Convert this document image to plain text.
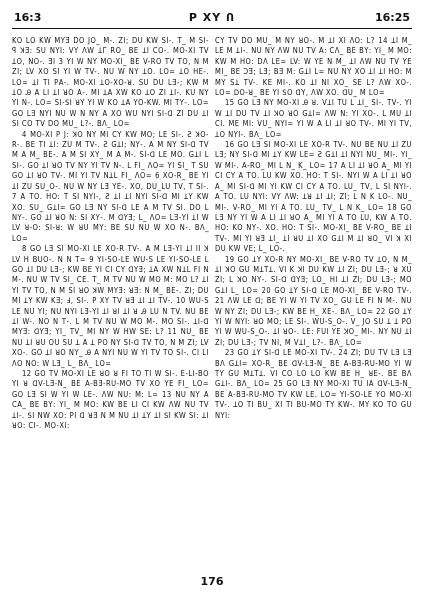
16:3	Ρ ΧΥ Ո	16:25

ΚΟ LΟ ΚW ΜΥƎ DΟ JΟ_ Μ-. ZΙ; DU ΚW SΙ-. Τ_ Μ SΙ- ꟼ ꓘƎ: SU ΝΥΙ: VΥ ΛW ꓕΓ RΟ_ ΒΕ ꓕΙ CΟ-. ΜΟ-ΧΙ ΤV ꓕΟ, ΝΟ-. ƎΙ 3 ΥΙ W ΝΥ ΜΟ-ΧΙ_ ΒΕ V-RΟ ΤV ΤΟ, Ν Μ ZΙ; LV ΧΟ SΙ ΥΙ W ΤV-. ΝU W ΝΥ ꓕΟ. LΟ= ꓕΟ ΗΕ-. LΟ= ꓕΙ ΤΙ ΡΑ-. ΜΟ-ΧΙ ꓕΟ-ΧΟ-ꓤ. SU DU LƎ-; ΚW Μ ꓕΟ Ꭿ Α LΙ ꓕΙ ꓤΟ Α-. ΜΙ ꓕΑ ΧW ΚΟ ꓕΟ ZΙ ꓕΙ-. ΚU ΝΥ ΥΙ Ν-. LΟ= SΙ-ꓢΙ ꓤΥ ΥΙ W ΚΟ ꓕΑ ΥΟ-ΚW. ΜΙ ΤΥ-. LΟ= GΟ LƎ ΝΥΙ ΝU W Ν ΝΥ Α ΧΟ WU ΝΥΙ SΙ-ꓷ ZΙ DU ꓕΙ SΙ CΟ ΤV DΟ ΜU_ L?-. ΒΛ_ LΟ=

4 ΜΟ-ΧΙ Ρ J: ꓘΟ ΝΥ ΜΙ CΥ ΚW ΜΟ; LΕ SΙ-. Ƨ ꓘΟ-R-. ΒΕ ΤΙ ꓕΙ: ZU Μ ΤV-. Ƨ GꓕΙ; ΝΥ-. Α Μ ΝΥ SΙ-ꓷ ΤV Μ Α Μ_ ΒΕ-. Α Μ SΙ ΧΥ_ Μ Α Μ-. SΙ-ꓷ LΕ ΜΟ. GꓕΙ L SΙ-. GΟ ꓕΙ ꓤΟ ΤV ΝΥ ΥΙ ΤV Ν-. L FΙ_ ΛΟ= ΥΙ SΙ_ Τ SU GΟ ꓕΙ ꓤΟ ΤV-. ΜΙ ΥΙ ΤV ΝꓕL FΙ_ ΛΟ= 6 ΧΟ-R_ ΒΕ ΥΙ ꓕΙ ZU SU_Ο-. ΝU W ΝΥ LƎ ΥΕ-. ΧΟ, DU_LU ΤV, Τ SΙ-. 7 Α ΤΟ. ΗΟ: Τ SΙ ΝΥΙ-, Ƨ ꓕΙ ꓕΙ ΝΥΙ SΙ-ꓷ ΜΙ ꓕΥ ΚW ΧΟ. SU_ GꓕΙ= GΟ LƎ ΝΥ SΙ-ꓷ LΕ Α Μ ΤV SΙ. DΟ L ΝΥ-. GΟ ꓕΙ ꓤΟ Ν: SΙ ΧΥ-. Μ ꓷΥƎ; L_ ΛΟ= LƎ-ΥΙ ꓕΙ W LV ꓤ-Ο: SΙ-ꓤ: W ꓤU ΜΥ: ΒΕ SU ΝU W ΧΟ Ν-. ΒΛ_ LΟ=

8 GΟ LƎ SΙ ΜΟ-ΧΙ LΕ ΧΟ-R ΤV-. Α Μ LƎ-ΥΙ ꓕΙ ΙΙ ꓘ LV Η ΒUΟ-. Ν Ν Τ= 9 ΥΙ-SΟ-LΕ WU-S LΕ ΥΙ-SΟ-LΕ L GΟ ꓕΙ DU LƎ-; ΚW ΒΕ ΥΙ CΙ CΥ ꓷΥƎ; ꓕΑ ΧW ΝꓕL FΙ Ν Μ-. ΝU W ΤV SΙ_ CΕ. Τ_ Μ ΤV ΝU W ΜΟ Μ: ΜΟ L? ꓕΙ ΥΙ ΤV ΤΟ, Ν Μ SΙ ꓤΟ ꓘW ΜΥƎ: ꓤƎ: Ν Μ_ ΒΕ-. ZΙ; DU ΜΙ ꓕΥ ΚW ΚƎ; Ⅎ, SΙ-. Ρ ΧΥ ΤV ꓤƎ ꓕΙ ꓕΙ ΤV-. 10 WU-S LΕ ΝU ΥΙ; ΝU ΝΥΙ LƎ-ΥΙ ꓕΙ ꓤΙ ꓕΙ ꓤ Ꭿ LU Ν ΤV. ΝU ΒΕ ꓕΙ W-. ΝΟ Ν Τ-. L Μ ΤV ΝU W ΜΟ Μ-. ΜΟ SΙ-. ꓕΙ-ꓷ ΜΥƎ: ꓷΥƎ; ΥΙ_ ΤV_ ΜΙ ΝΥ W ΗW SΕ: L? 11 ΝU_ ΒΕ ΝU ꓕΙ ꓤU ΟU SU ꓕ Α ꓕ ΡΟ ΝΥ SΙ-ꓷ ΤV ΤΟ, Ν Μ ZΙ; LV ΧΟ-. GΟ ꓕΙ ꓤΟ ΝΥ_ Ꭿ Α ΝΥΙ ΝU W ΥΙ ΤV ΤΟ SΙ-. CΙ LΙ ΛΟ ΝΟ: W LƎ_ L_ ΒΛ_ LΟ=

12 GΟ ΤV ΜΟ-ΧΙ LΕ ꓤΟ ꓤ FΙ ΤΟ ΤΙ W SΙ-. Ε-LΙ-ΒΟ ΥΙ ꓤ ꓷV-LƎ-Ν_ ΒΕ Α-ΒƎ-RU-ΜΟ ΤV ΧΟ ΥΕ FΙ_ LΟ= GΟ LƎ SΙ W ΥΙ W LΕ-. ΛW ΝU: Μ: L= 13 ΝU ΝΥ Α CΑ_ ΒΕ ΒΥ: ΥΙ_ Μ ΜΟ: ΚW ΒΕ LΙ CΙ ΚW ΛW ΝU ΤV ꓕΙ-. ꓢΙ ΝW ΧΟ: ΡΙ ꓷ ꓤƎ Ν Μ ΝU ꓕΙ ꓕΥ ꓕΙ ꓢΙ ΚW SΙ: ꓕΙ ꓤΟ: CΙ-. ΜΟ-ΧΙ:

CΥ ΤV DΟ ΜU_ Μ ΝΥ ꓤΟ-. Μ ꓕΙ ΧΙ ΛΟ: L? 14 ꓕΙ Μ_ LΕ Μ ꓕΙ-. ΝU ΝΥ ΛW ΝU ΤV Α: CΛ_ ΒΕ ΒΥ: ΥΙ_ Μ ΜΟ: ΚW Μ ΗΟ: DΛ LΕ= LV: W ΥΕ Ν Μ_ ꓕΙ ΛW ΝU ΤV ΥΕ ΜΙ_ ΒΕ ƆƎ; LƎ; ΒƎ Μ: GꓕΙ L= ΝU ΝΥ ΧΟ ꓕΙ ꓕΙ ΗΟ: Μ ΜΥ Sꓕ ΤV-. ΚΕ ΜΙ-. ΚΟ ꓕΙ ΝΙ ΧΟ_ SΕ L? ΛW ΧΟ-. LΟ= ꓓΟ-ꓤ_ ΒΕ ΥΙ ꓢΟ ꓷΥ, ΛW ΧΟ. ꓷU_ Μ LΟ=

15 GΟ LƎ ΝΥ ΜΟ-ΧΙ Ꭿ ꓤ. VꓕΙ ΤU L ꓕΙ_ SΙ-. ΤV-. ΥΙ W ꓕΙ DU ΤV ꓕΙ ꓘΟ ꓤΟ GꓕΙ= ΛW Ν: ΥΙ ΧΟ-. L ΜU ꓕΙ CΙ. ΜΕ ΜΙ: VU_ ΝΥΙ= ΥΙ W Α LΙ ꓕΙ ꓤΟ ΤV-. ΜΙ ΥΙ ΤV, ꓕΟ ΝΥΙ-. ΒΛ_ LΟ=

16 GΟ LƎ SΙ ΜΟ-ΧΙ LΕ ΧΟ-R ΤV-. ΝU ΒΕ ΝU ꓕΙ ZU LƎ; ΝΥ SΙ-ꓷ ΜΙ ꓕΥ ΚW LΕ= Ƨ GꓕΙ ꓕΙ ΝΥΙ ΝU_ ΜΙ-. ΥΙ_ W ΜΙ-. Α-RΟ_ ΜΙ L Ν_ Κ_ LΟ= 17 Α LΙ ꓕΙ ꓤΟ Α_ ΜΙ ΥΙ CΙ CΥ Α ΤΟ. LU ΚW ΧΟ. ΗΟ: Τ SΙ-. ΝΥΙ W Α LΙ ꓕΙ ꓤΟ Α_ ΜΙ SΙ-ꓷ ΜΙ ΥΙ ΚW CΙ CΥ Α ΤΟ. LU_ ΤV, L SΙ ΝΥΙ-. Α ΤΟ. LU ΝΥΙ: VΥ ΛW: ꓕꓤ ꓕΙ ꓕΙ; ZΙ; L Ν Κ LΟ-. ΝU_ ΜΙ-. V-RΟ_ ΜΙ ΥΙ Α ΤΟ. LU_ ΤV_ L Ν Κ_ LΟ= 18 GΟ LƎ ΝΥ ΥΙ W Α LΙ ꓕΙ ꓤΟ Α_ ΜΙ ΥΙ Α ΤΟ LU, ΚW Α ΤΟ. ΗΟ: ΚΟ ΝΥ-. ΧΟ. ΗΟ: Τ SΙ-. ΜΟ-ΧΙ_ ΒΕ V-RΟ_ ΒΕ ꓕΙ ΤV-. ΜΙ ΥΙ ꓤƎ ꓕΙ_ ꓕΙ ꓤU ꓕΙ ΧΟ GꓕΙ Μ ꓕΙ ꓤΟ_ VΙ ꓘ ΧΙ DU ΚW VΕ; L_ LΟ-.

19 GΟ ꓕΥ ΧΟ-R ΝΥ ΜΟ-ΧΙ_ ΒΕ V-RΟ ΤV ꓕΟ, Ν Μ_ ꓕΙ ꓘΟ GU ΜꓕΤꓕ. VΙ Κ ꓘΙ DU ΚW ꓕΙ ZΙ; DU LƎ-; ꓤ ΧU ZΙ; L ꓘΟ ΝΥ-. SΙ-ꓷ ꓷΥƎ; LΟ_ ΗΙ ꓕΙ ZΙ; DU LƎ-; ΜΟ GꓕΙ L_ LΟ= 20 GΟ ꓕΥ SΙ-ꓷ LΕ ΜΟ-ΧΙ_ ΒΕ V-RΟ ΤV-. 21 ΛW LΕ ꓷ; ΒΕ ΥΙ W ΥΙ ΤV ΧΟ_ GU LΕ FΙ Ν Μ-. ΝU W ΝΥ ZΙ; DU LƎ-; ΚW ΒΕ Η_ ΧΕ-. ΒΛ_ LΟ= 22 GΟ ꓕΥ ΥΙ W ΝΥΙ: ꓤΟ ΜΟ; LΕ SΙ-. WU-S_Ο-. V_ JΟ SU ꓕ ꓕ ΡΟ ΥΙ W WU-S_Ο-. ꓕΙ ꓤΟ-. LΕ: FUΙ ΥΕ ꓘΟ_ ΜΙ-. ΝΥ ΝU ꓕΙ ZΙ; DU LƎ-; ΤV ΝΙ, Μ VꓕΙ_ L?-. ΒΛ_ LΟ=

23 GΟ ꓕΥ SΙ-ꓷ LΕ ΜΟ-ΧΙ ΤV-. 24 ZΙ; DU ΤV LƎ LƎ ΒΛ GꓕΙ= ΧΟ-R_ ΒΕ ꓷV-LƎ-Ν_ ΒΕ Α-ΒƎ-RU-ΜΟ ΥΙ W ΤΥ GU ΜꓕΤꓕ. VΙ CΟ LΟ LΟ ΚW ΒΕ Η_ ꓤΕ-. ΒΕ ΒΛ GꓕΙ-. ΒΛ_ LΟ= 25 GΟ LƎ ΝΥ ΜΟ-ΧΙ ΤU ΙΑ ꓷV-LƎ-Ν_ ΒΕ Α-ΒƎ-RU-ΜΟ ΤV ΚW LΕ. LΟ= ΥΙ-SΟ-LΕ ΥΟ ΜΟ-ΧΙ ΤV-. ꓕΟ ΤΙ ΒU_ ΧΙ ΤΙ ΒU-ΜΟ ΤΥ ΚW-. ΜΥ ΚΟ ΤΟ GU ΝΥΙ:

176
